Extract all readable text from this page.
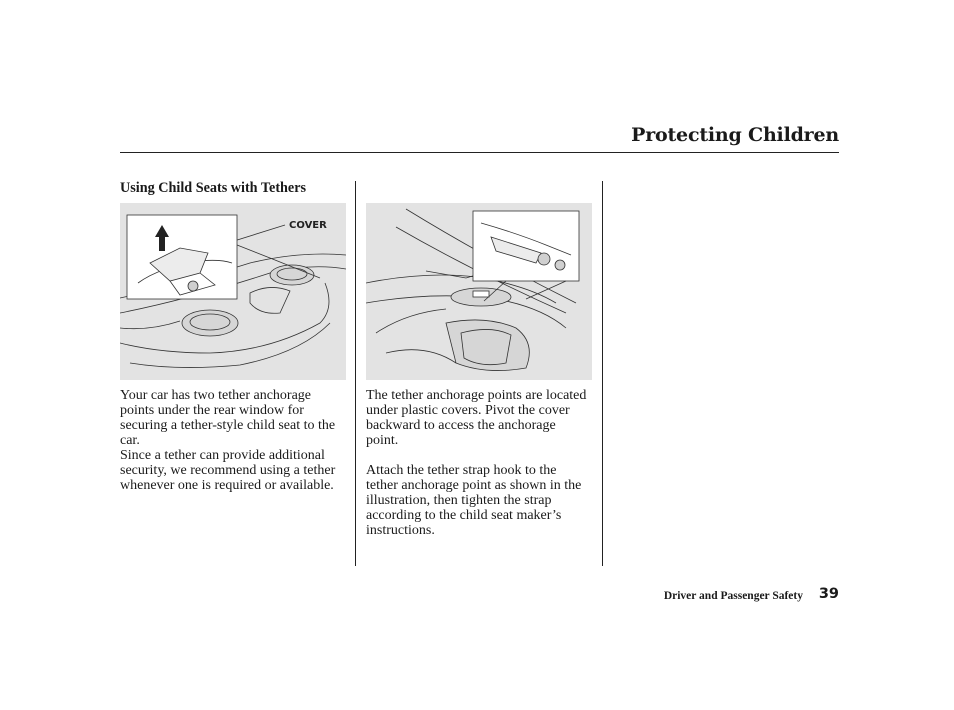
Protecting Children
Using Child Seats with Tethers
COVER

Your car has two tether anchorage points under the rear window for securing a tether-style child seat to the car.

Since a tether can provide additional security, we recommend using a tether whenever one is required or available.

The tether anchorage points are located under plastic covers. Pivot the cover backward to access the anchorage point.

Attach the tether strap hook to the tether anchorage point as shown in the illustration, then tighten the strap according to the child seat maker’s instructions.

Driver and Passenger Safety 39
